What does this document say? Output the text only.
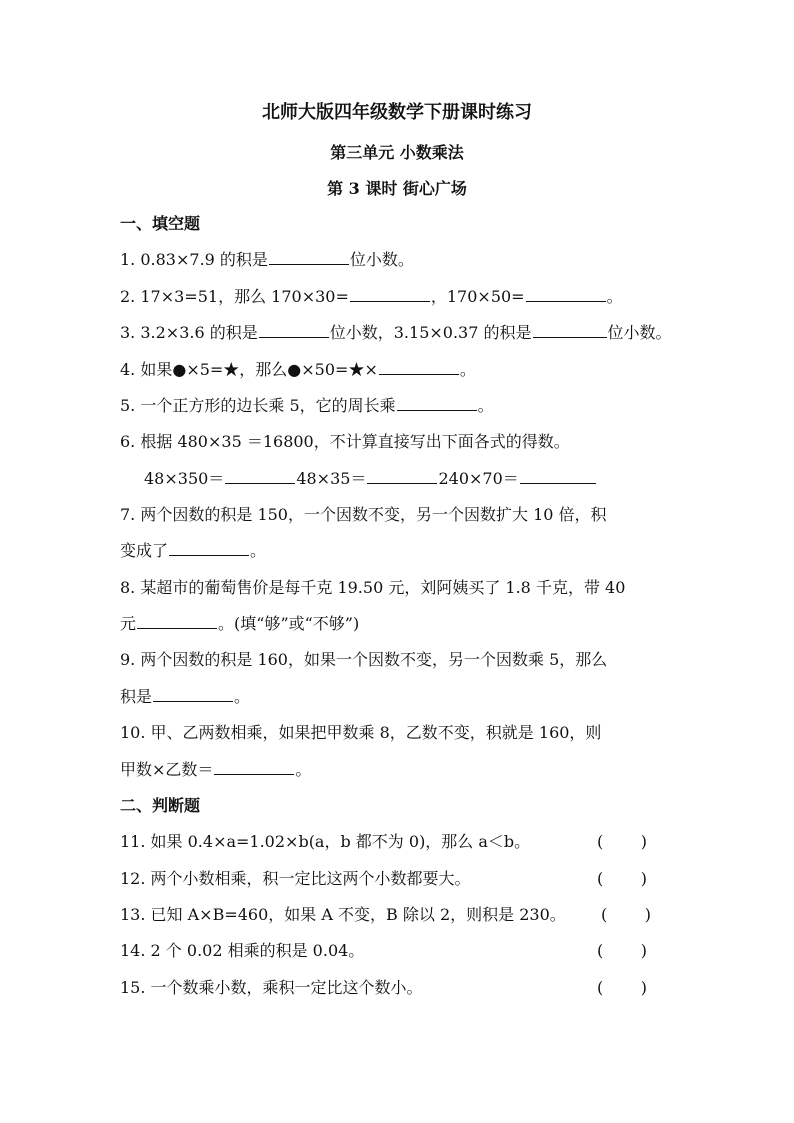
北师大版四年级数学下册课时练习
第三单元 小数乘法
第 3 课时 街心广场
一、填空题
1. 0.83×7.9 的积是	位小数。
2. 17×3=51，那么 170×30=	，170×50=	。
3. 3.2×3.6 的积是	位小数，3.15×0.37 的积是	位小数。
4. 如果●×5=★，那么●×50=★×	。
5. 一个正方形的边长乘 5，它的周长乘	。
6. 根据 480×35 ＝16800，不计算直接写出下面各式的得数。
48×350＝	48×35＝	240×70＝
7. 两个因数的积是 150，一个因数不变，另一个因数扩大 10 倍，积
变成了	。
8. 某超市的葡萄售价是每千克 19.50 元，刘阿姨买了 1.8 千克，带 40
元	。(填“够”或“不够”)
9. 两个因数的积是 160，如果一个因数不变，另一个因数乘 5，那么
积是	。
10. 甲、乙两数相乘，如果把甲数乘 8，乙数不变，积就是 160，则
甲数×乙数＝	。
二、判断题
11. 如果 0.4×a=1.02×b(a，b 都不为 0)，那么 a＜b。	( )
12. 两个小数相乘，积一定比这两个小数都要大。	( )
13. 已知 A×B=460，如果 A 不变，B 除以 2，则积是 230。	( )
14. 2 个 0.02 相乘的积是 0.04。	( )
15. 一个数乘小数，乘积一定比这个数小。	( )
